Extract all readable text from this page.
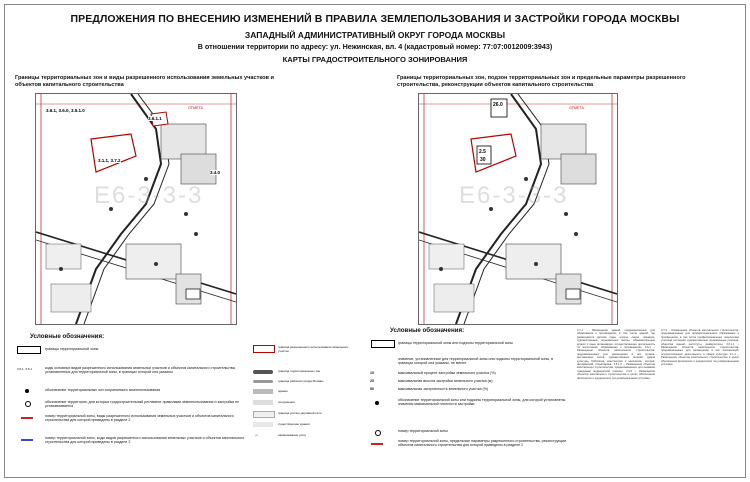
ПРЕДЛОЖЕНИЯ ПО ВНЕСЕНИЮ ИЗМЕНЕНИЙ В ПРАВИЛА ЗЕМЛЕПОЛЬЗОВАНИЯ И ЗАСТРОЙКИ ГОРОДА МОСКВЫ
ЗАПАДНЫЙ АДМИНИСТРАТИВНЫЙ ОКРУГ ГОРОДА МОСКВЫ
В отношении территории по адресу: ул. Нежинская, вл. 4 (кадастровый номер: 77:07:0012009:3943)
КАРТЫ ГРАДОСТРОИТЕЛЬНОГО ЗОНИРОВАНИЯ
Границы территориальных зон и виды разрешенного использования земельных участков и объектов капитального строительства
Границы территориальных зон, подзон территориальных зон и предельные параметры разрешенного строительства, реконструкции объектов капитального строительства
Е6-3-3-3
3.6.1, 3.6.0, 3.5.1.0
3.1.1, 3.7.2
3.4.0
3.6.1.1
ОТМЕТА
Е6-3-3-3
2.5
30
26.0	ОТМЕТА
Условные обозначения:
границы территориальной зоны
3.6.1, 3.5.1	коды основных видов разрешенного использования земельных участков и объектов капитального строительства, установленных для территориальной зоны, в границах которой она указаны
обозначение территориальных зон сохраняемого землепользования
обозначение территории, для которых градостроительный регламент правилами землепользования и застройки не устанавливается
номер территориальной зоны, виды разрешенного использования земельных участков и объектов капитального строительства для которой приведены в разделе 2
номер территориальной зоны, коды видов разрешенного использования земельных участков и объектов капитального строительства для которой приведены в разделе 3
граница разрешенного использования земельного участка
граница территориальных зон
граница районов города Москвы
здания
сооружения
граница улично-дорожной сети
существующие здания
ул.	наименование улиц
Условные обозначения:
границы территориальной зоны или подзоны территориальной зоны
значение, установленные для территориальной зоны или подзоны территориальной зоны, в границах которой она указаны, не менее
10	максимальный процент застройки земельного участка (%)
25	максимальная высота застройки земельного участка (м)
50	максимальная застроенность земельного участка (%)
обозначение территориальной зоны или подзоны территориальной зоны, для которой установлены значения максимальной плотности застройки
номер территориальной зоны
номер территориальной зоны, предельные параметры разрешенного строительства, реконструкции объектов капитального строительства для которой приведены в разделе 2
3.7.1 – Размещение зданий, предназначенных для образования и просвещения, в том числе зданий, где размещаются детские сады, школы, лицеи, гимназии, художественные, музыкальные школы, образовательные кружки и иные организации, осуществляющие деятельность по воспитанию, образованию и просвещению. 3.6.1 – Размещение объектов капитального строительства, предназначенных для размещения в них музеев, выставочных залов, художественных галерей, домов культуры, библиотек, кинотеатров и кинозалов, театров, филармоний, планетариев. 3.5.1.0 – Размещение объектов капитального строительства, предназначенных для оказания гражданам медицинской помощи. 3.4.0 – Размещение объектов капитального строительства в целях обеспечения физических и юридических лиц коммунальными услугами.
3.7.2 – Размещение объектов капитального строительства, предназначенных для профессионального образования и просвещения, в том числе профессиональные технические училища, колледжи, художественные, музыкальные училища, общества знаний, институты, университеты. 3.6.1.1 – Размещение объектов капитального строительства, предназначенных для размещения в них организаций, осуществляющих деятельность в сфере культуры. 3.1.1 – Размещение объектов капитального строительства в целях обеспечения физических и юридических лиц коммунальными услугами.
